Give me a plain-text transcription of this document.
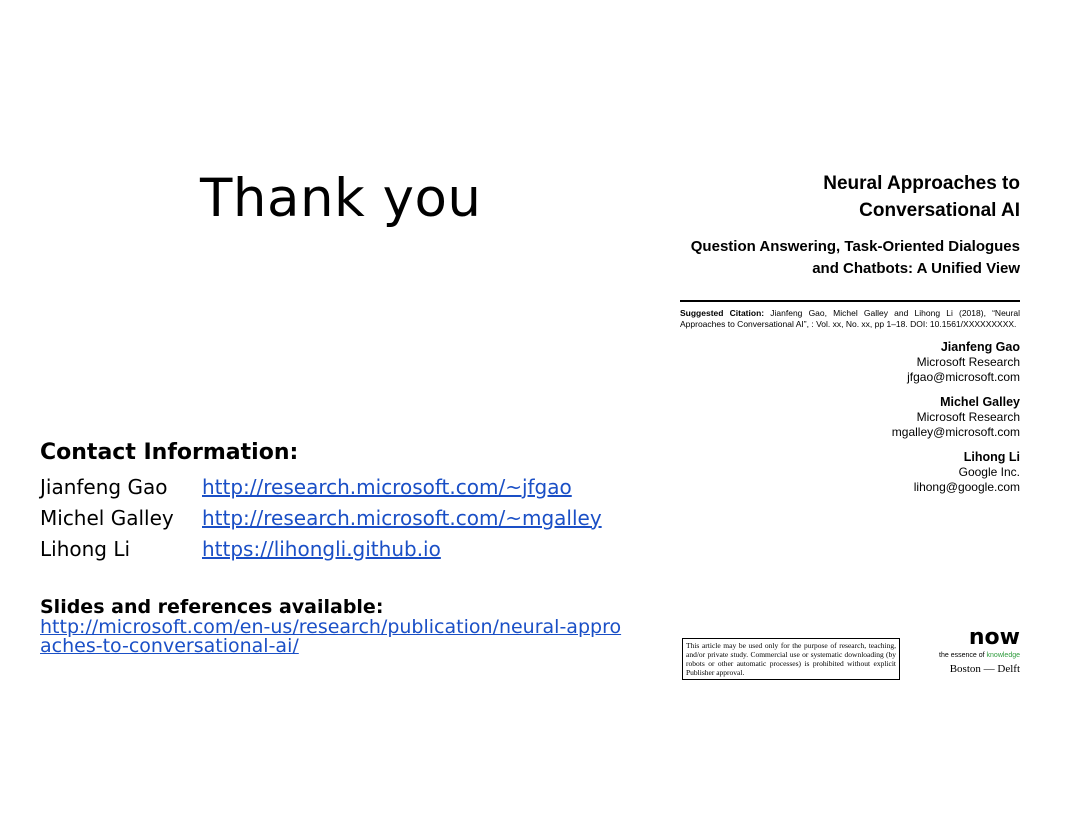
Thank you
Contact Information:
Jianfeng Gao	http://research.microsoft.com/~jfgao
Michel Galley	http://research.microsoft.com/~mgalley
Lihong Li	https://lihongli.github.io
Slides and references available:
http://microsoft.com/en-us/research/publication/neural-approaches-to-conversational-ai/
Neural Approaches to
Conversational AI
Question Answering, Task-Oriented Dialogues
and Chatbots: A Unified View
Suggested Citation: Jianfeng Gao, Michel Galley and Lihong Li (2018), “Neural Approaches to Conversational AI”, : Vol. xx, No. xx, pp 1–18. DOI: 10.1561/XXXXXXXXX.
Jianfeng Gao
Microsoft Research
jfgao@microsoft.com
Michel Galley
Microsoft Research
mgalley@microsoft.com
Lihong Li
Google Inc.
lihong@google.com
This article may be used only for the purpose of research, teaching, and/or private study. Commercial use or systematic downloading (by robots or other automatic processes) is prohibited without explicit Publisher approval.
now
the essence of knowledge
Boston — Delft
